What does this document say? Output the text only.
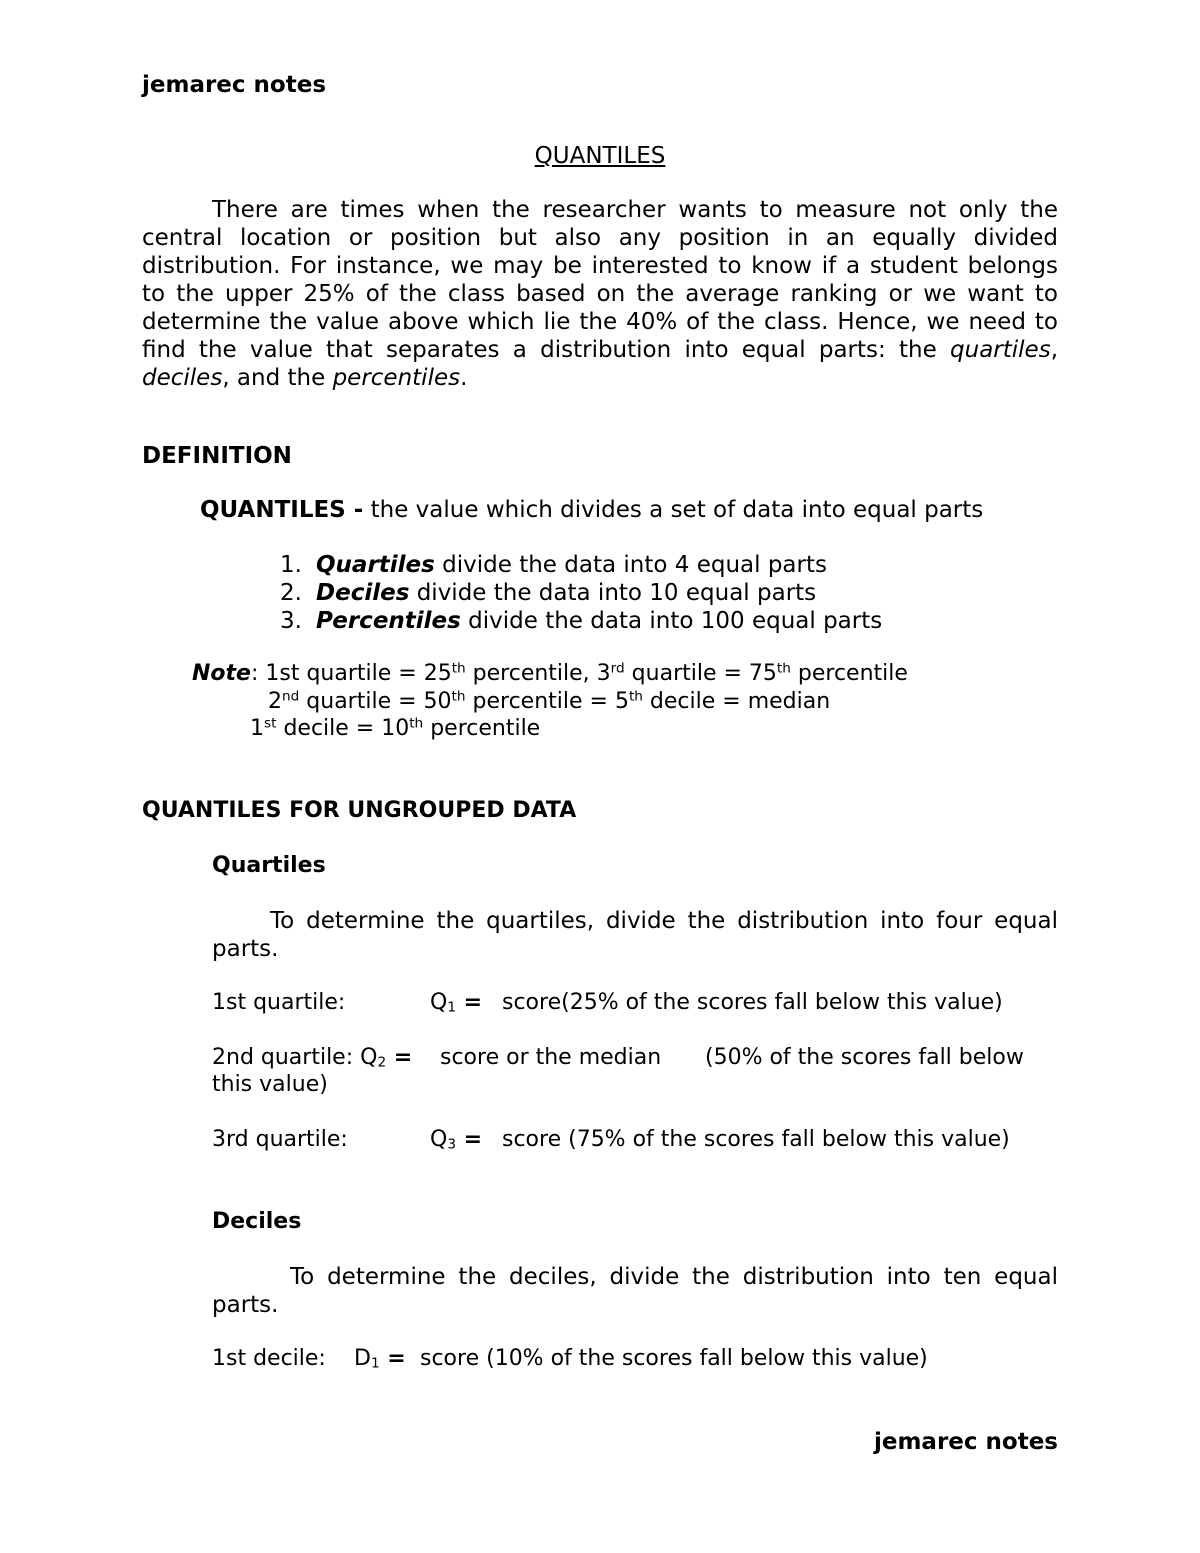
jemarec notes
QUANTILES
There are times when the researcher wants to measure not only the
central location or position but also any position in an equally divided
distribution. For instance, we may be interested to know if a student belongs
to the upper 25% of the class based on the average ranking or we want to
determine the value above which lie the 40% of the class. Hence, we need to
find the value that separates a distribution into equal parts: the quartiles,
deciles, and the percentiles.
DEFINITION
QUANTILES - the value which divides a set of data into equal parts
1. Quartiles divide the data into 4 equal parts
2. Deciles divide the data into 10 equal parts
3. Percentiles divide the data into 100 equal parts
Note: 1st quartile = 25th percentile, 3rd quartile = 75th percentile
2nd quartile = 50th percentile = 5th decile = median
1st decile = 10th percentile
QUANTILES FOR UNGROUPED DATA
Quartiles
To determine the quartiles, divide the distribution into four equal
parts.
1st quartile:	$Q_1$ = score(25% of the scores fall below this value)
2nd quartile: $Q_2$ = score or the median (50% of the scores fall below
this value)
3rd quartile:	$Q_3$ = score (75% of the scores fall below this value)
Deciles
To determine the deciles, divide the distribution into ten equal
parts.
1st decile: $D_1$ = score (10% of the scores fall below this value)
jemarec notes
